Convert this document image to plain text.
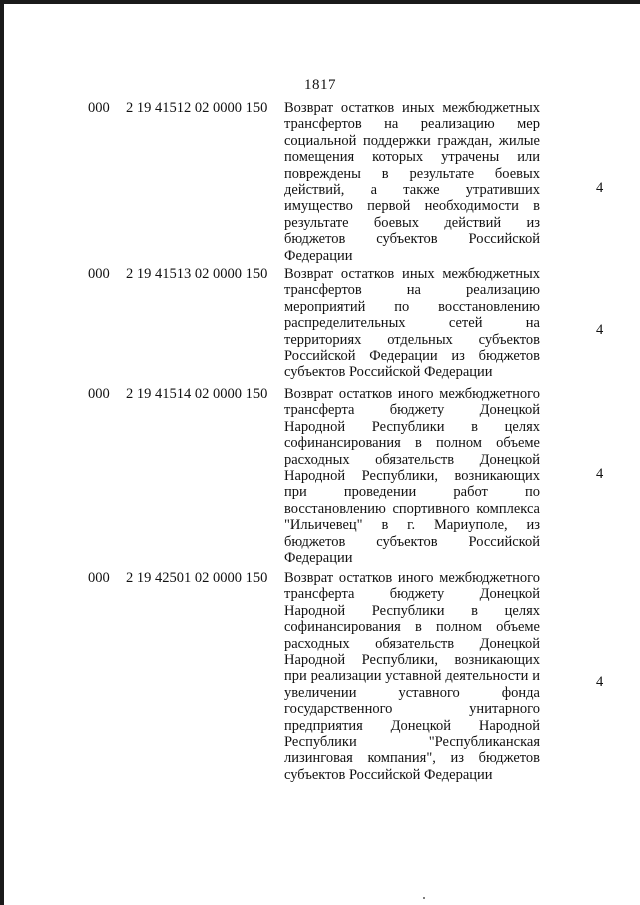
1817
000 2 19 41512 02 0000 150 Возврат остатков иных межбюджетных
трансфертов на реализацию мер
социальной поддержки граждан, жилые
помещения которых утрачены или
повреждены в результате боевых
действий, а также утративших
имущество первой необходимости в
результате боевых действий из
бюджетов субъектов Российской
Федерации
4
000 2 19 41513 02 0000 150 Возврат остатков иных межбюджетных
трансфертов на реализацию
мероприятий по восстановлению
распределительных сетей на
территориях отдельных субъектов
Российской Федерации из бюджетов
субъектов Российской Федерации
4
000 2 19 41514 02 0000 150 Возврат остатков иного межбюджетного
трансферта бюджету Донецкой
Народной Республики в целях
софинансирования в полном объеме
расходных обязательств Донецкой
Народной Республики, возникающих
при проведении работ по
восстановлению спортивного комплекса
"Ильичевец" в г. Мариуполе, из
бюджетов субъектов Российской
Федерации
4
000 2 19 42501 02 0000 150 Возврат остатков иного межбюджетного
трансферта бюджету Донецкой
Народной Республики в целях
софинансирования в полном объеме
расходных обязательств Донецкой
Народной Республики, возникающих
при реализации уставной деятельности и
увеличении уставного фонда
государственного унитарного
предприятия Донецкой Народной
Республики "Республиканская
лизинговая компания", из бюджетов
субъектов Российской Федерации
4
